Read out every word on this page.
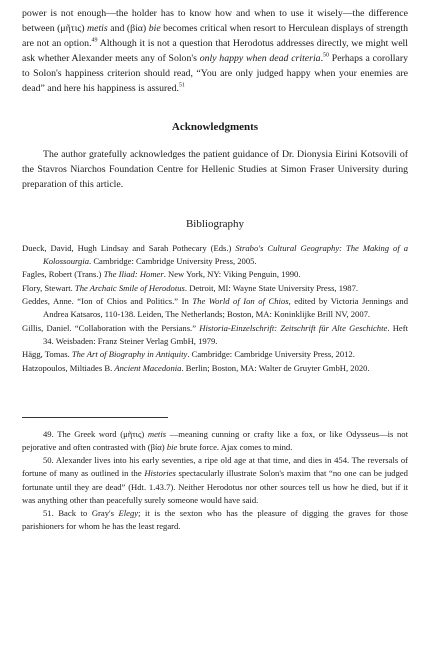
power is not enough—the holder has to know how and when to use it wisely—the difference between (μῆτις) metis and (βία) bie becomes critical when resort to Herculean displays of strength are not an option.$^{49}$ Although it is not a question that Herodotus addresses directly, we might well ask whether Alexander meets any of Solon's only happy when dead criteria.$^{50}$ Perhaps a corollary to Solon's happiness criterion should read, “You are only judged happy when your enemies are dead” and here his happiness is assured.$^{51}$

Acknowledgments

The author gratefully acknowledges the patient guidance of Dr. Dionysia Eirini Kotsovili of the Stavros Niarchos Foundation Centre for Hellenic Studies at Simon Fraser University during preparation of this article.

Bibliography
Dueck, David, Hugh Lindsay and Sarah Pothecary (Eds.) Strabo's Cultural Geography: The Making of a Kolossourgia. Cambridge: Cambridge University Press, 2005.
Fagles, Robert (Trans.) The Iliad: Homer. New York, NY: Viking Penguin, 1990.
Flory, Stewart. The Archaic Smile of Herodotus. Detroit, MI: Wayne State University Press, 1987.
Geddes, Anne. “Ion of Chios and Politics.” In The World of Ion of Chios, edited by Victoria Jennings and Andrea Katsaros, 110-138. Leiden, The Netherlands; Boston, MA: Koninklijke Brill NV, 2007.
Gillis, Daniel. “Collaboration with the Persians.” Historia-Einzelschrift: Zeitschrift für Alte Geschichte. Heft 34. Weisbaden: Franz Steiner Verlag GmbH, 1979.
Hägg, Tomas. The Art of Biography in Antiquity. Cambridge: Cambridge University Press, 2012.
Hatzopoulos, Miltiades B. Ancient Macedonia. Berlin; Boston, MA: Walter de Gruyter GmbH, 2020.

49. The Greek word (μῆτις) metis —meaning cunning or crafty like a fox, or like Odysseus—is not pejorative and often contrasted with (βία) bie brute force. Ajax comes to mind.

50. Alexander lives into his early seventies, a ripe old age at that time, and dies in 454. The reversals of fortune of many as outlined in the Histories spectacularly illustrate Solon's maxim that “no one can be judged fortunate until they are dead” (Hdt. 1.43.7). Neither Herodotus nor other sources tell us how he died, but if it was anything other than peacefully surely someone would have said.

51. Back to Gray's Elegy; it is the sexton who has the pleasure of digging the graves for those parishioners for whom he has the least regard.
